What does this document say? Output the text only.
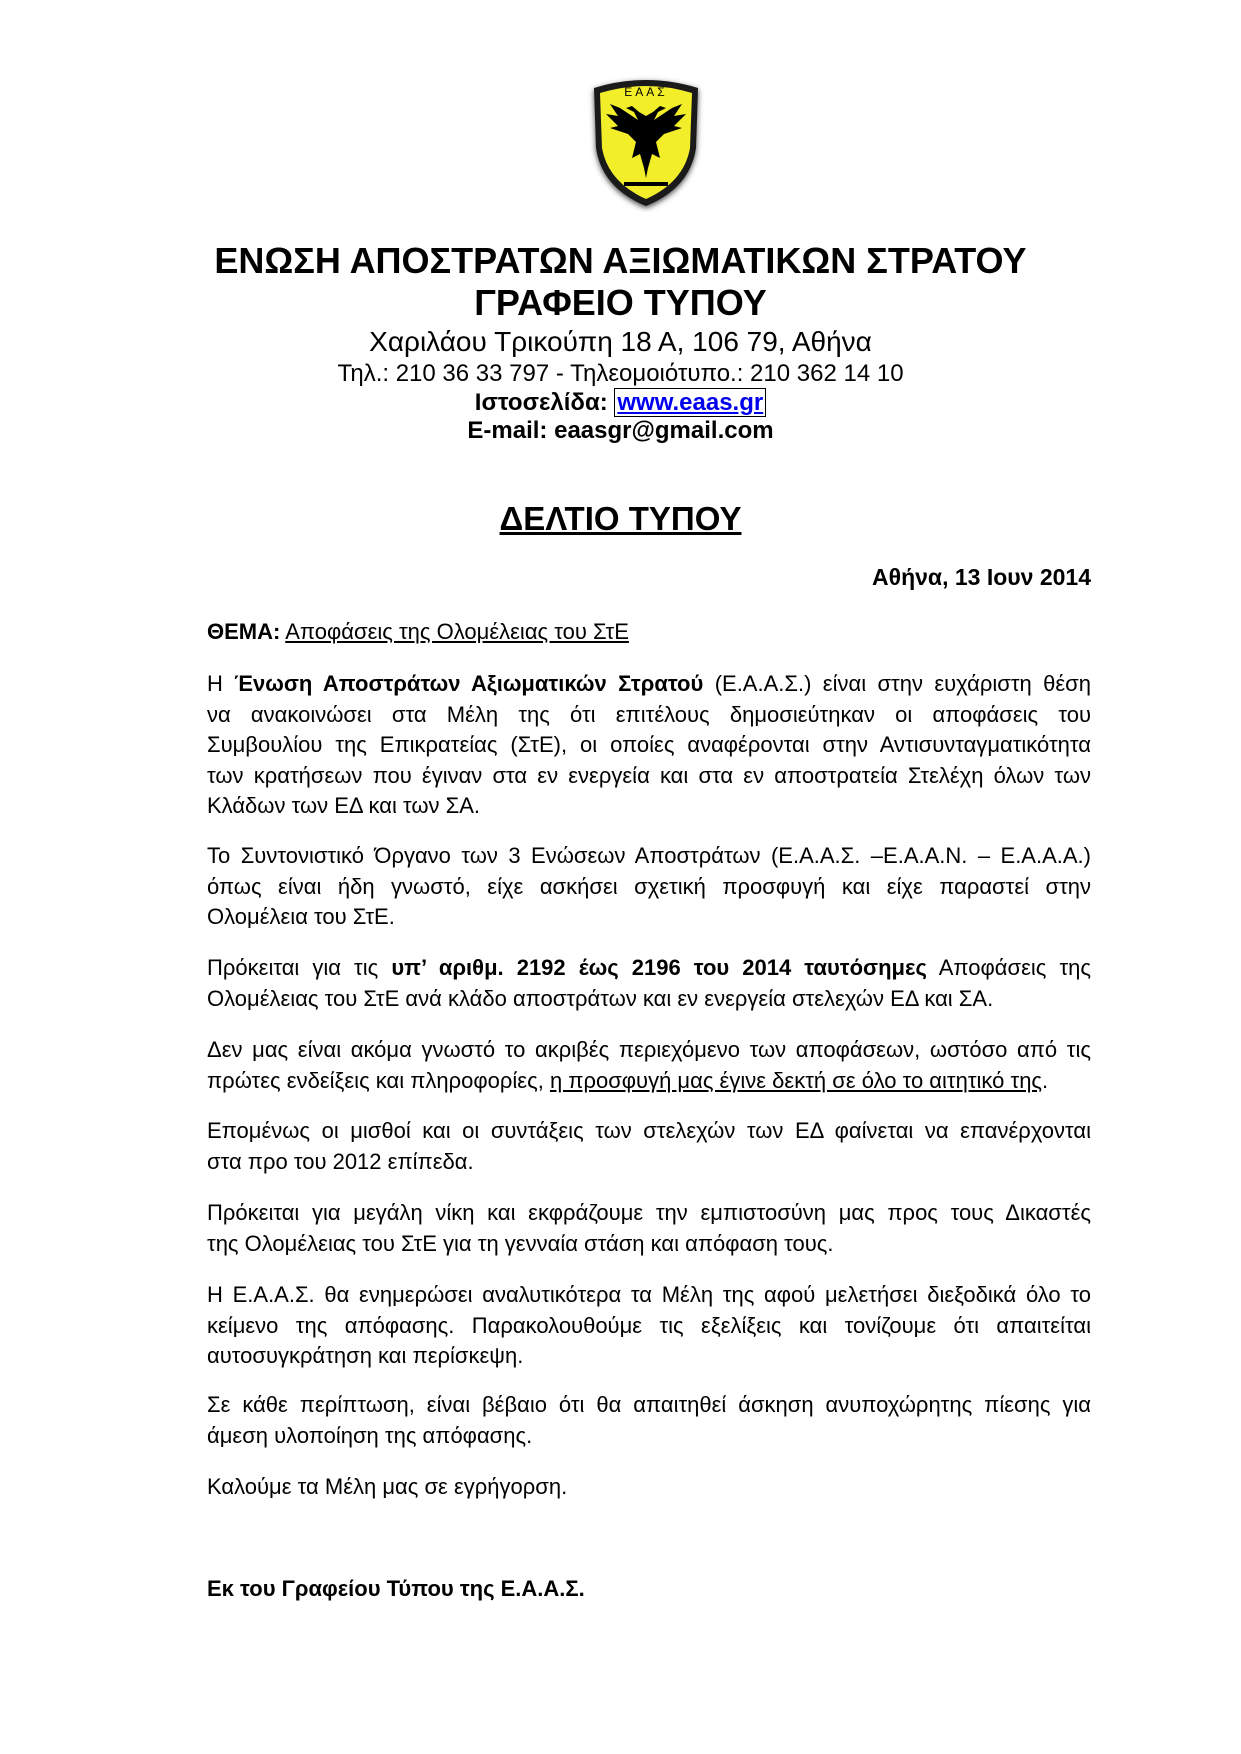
ΕΑΑΣ
ΕΝΩΣΗ ΑΠΟΣΤΡΑΤΩΝ ΑΞΙΩΜΑΤΙΚΩΝ ΣΤΡΑΤΟΥ
ΓΡΑΦΕΙΟ ΤΥΠΟΥ
Χαριλάου Τρικούπη 18 Α, 106 79, Αθήνα
Τηλ.: 210 36 33 797 - Τηλεομοιότυπο.: 210 362 14 10
Ιστοσελίδα: www.eaas.gr
E-mail: eaasgr@gmail.com
ΔΕΛΤΙΟ ΤΥΠΟΥ
Αθήνα, 13 Ιουν 2014
ΘΕΜΑ: Αποφάσεις της Ολομέλειας του ΣτΕ
Η Ένωση Αποστράτων Αξιωματικών Στρατού (Ε.Α.Α.Σ.) είναι στην ευχάριστη θέση
να ανακοινώσει στα Μέλη της ότι επιτέλους δημοσιεύτηκαν οι αποφάσεις του
Συμβουλίου της Επικρατείας (ΣτΕ), οι οποίες αναφέρονται στην Αντισυνταγματικότητα
των κρατήσεων που έγιναν στα εν ενεργεία και στα εν αποστρατεία Στελέχη όλων των
Κλάδων των ΕΔ και των ΣΑ.
Το Συντονιστικό Όργανο των 3 Ενώσεων Αποστράτων (Ε.Α.Α.Σ. –Ε.Α.Α.Ν. – Ε.Α.Α.Α.)
όπως είναι ήδη γνωστό, είχε ασκήσει σχετική προσφυγή και είχε παραστεί στην
Ολομέλεια του ΣτΕ.
Πρόκειται για τις υπ’ αριθμ. 2192 έως 2196 του 2014 ταυτόσημες Αποφάσεις της
Ολομέλειας του ΣτΕ ανά κλάδο αποστράτων και εν ενεργεία στελεχών ΕΔ και ΣΑ.
Δεν μας είναι ακόμα γνωστό το ακριβές περιεχόμενο των αποφάσεων, ωστόσο από τις
πρώτες ενδείξεις και πληροφορίες, η προσφυγή μας έγινε δεκτή σε όλο το αιτητικό της.
Επομένως οι μισθοί και οι συντάξεις των στελεχών των ΕΔ φαίνεται να επανέρχονται
στα προ του 2012 επίπεδα.
Πρόκειται για μεγάλη νίκη και εκφράζουμε την εμπιστοσύνη μας προς τους Δικαστές
της Ολομέλειας του ΣτΕ για τη γενναία στάση και απόφαση τους.
Η Ε.Α.Α.Σ. θα ενημερώσει αναλυτικότερα τα Μέλη της αφού μελετήσει διεξοδικά όλο το
κείμενο της απόφασης. Παρακολουθούμε τις εξελίξεις και τονίζουμε ότι απαιτείται
αυτοσυγκράτηση και περίσκεψη.
Σε κάθε περίπτωση, είναι βέβαιο ότι θα απαιτηθεί άσκηση ανυποχώρητης πίεσης για
άμεση υλοποίηση της απόφασης.
Καλούμε τα Μέλη μας σε εγρήγορση.
Εκ του Γραφείου Τύπου της Ε.Α.Α.Σ.
